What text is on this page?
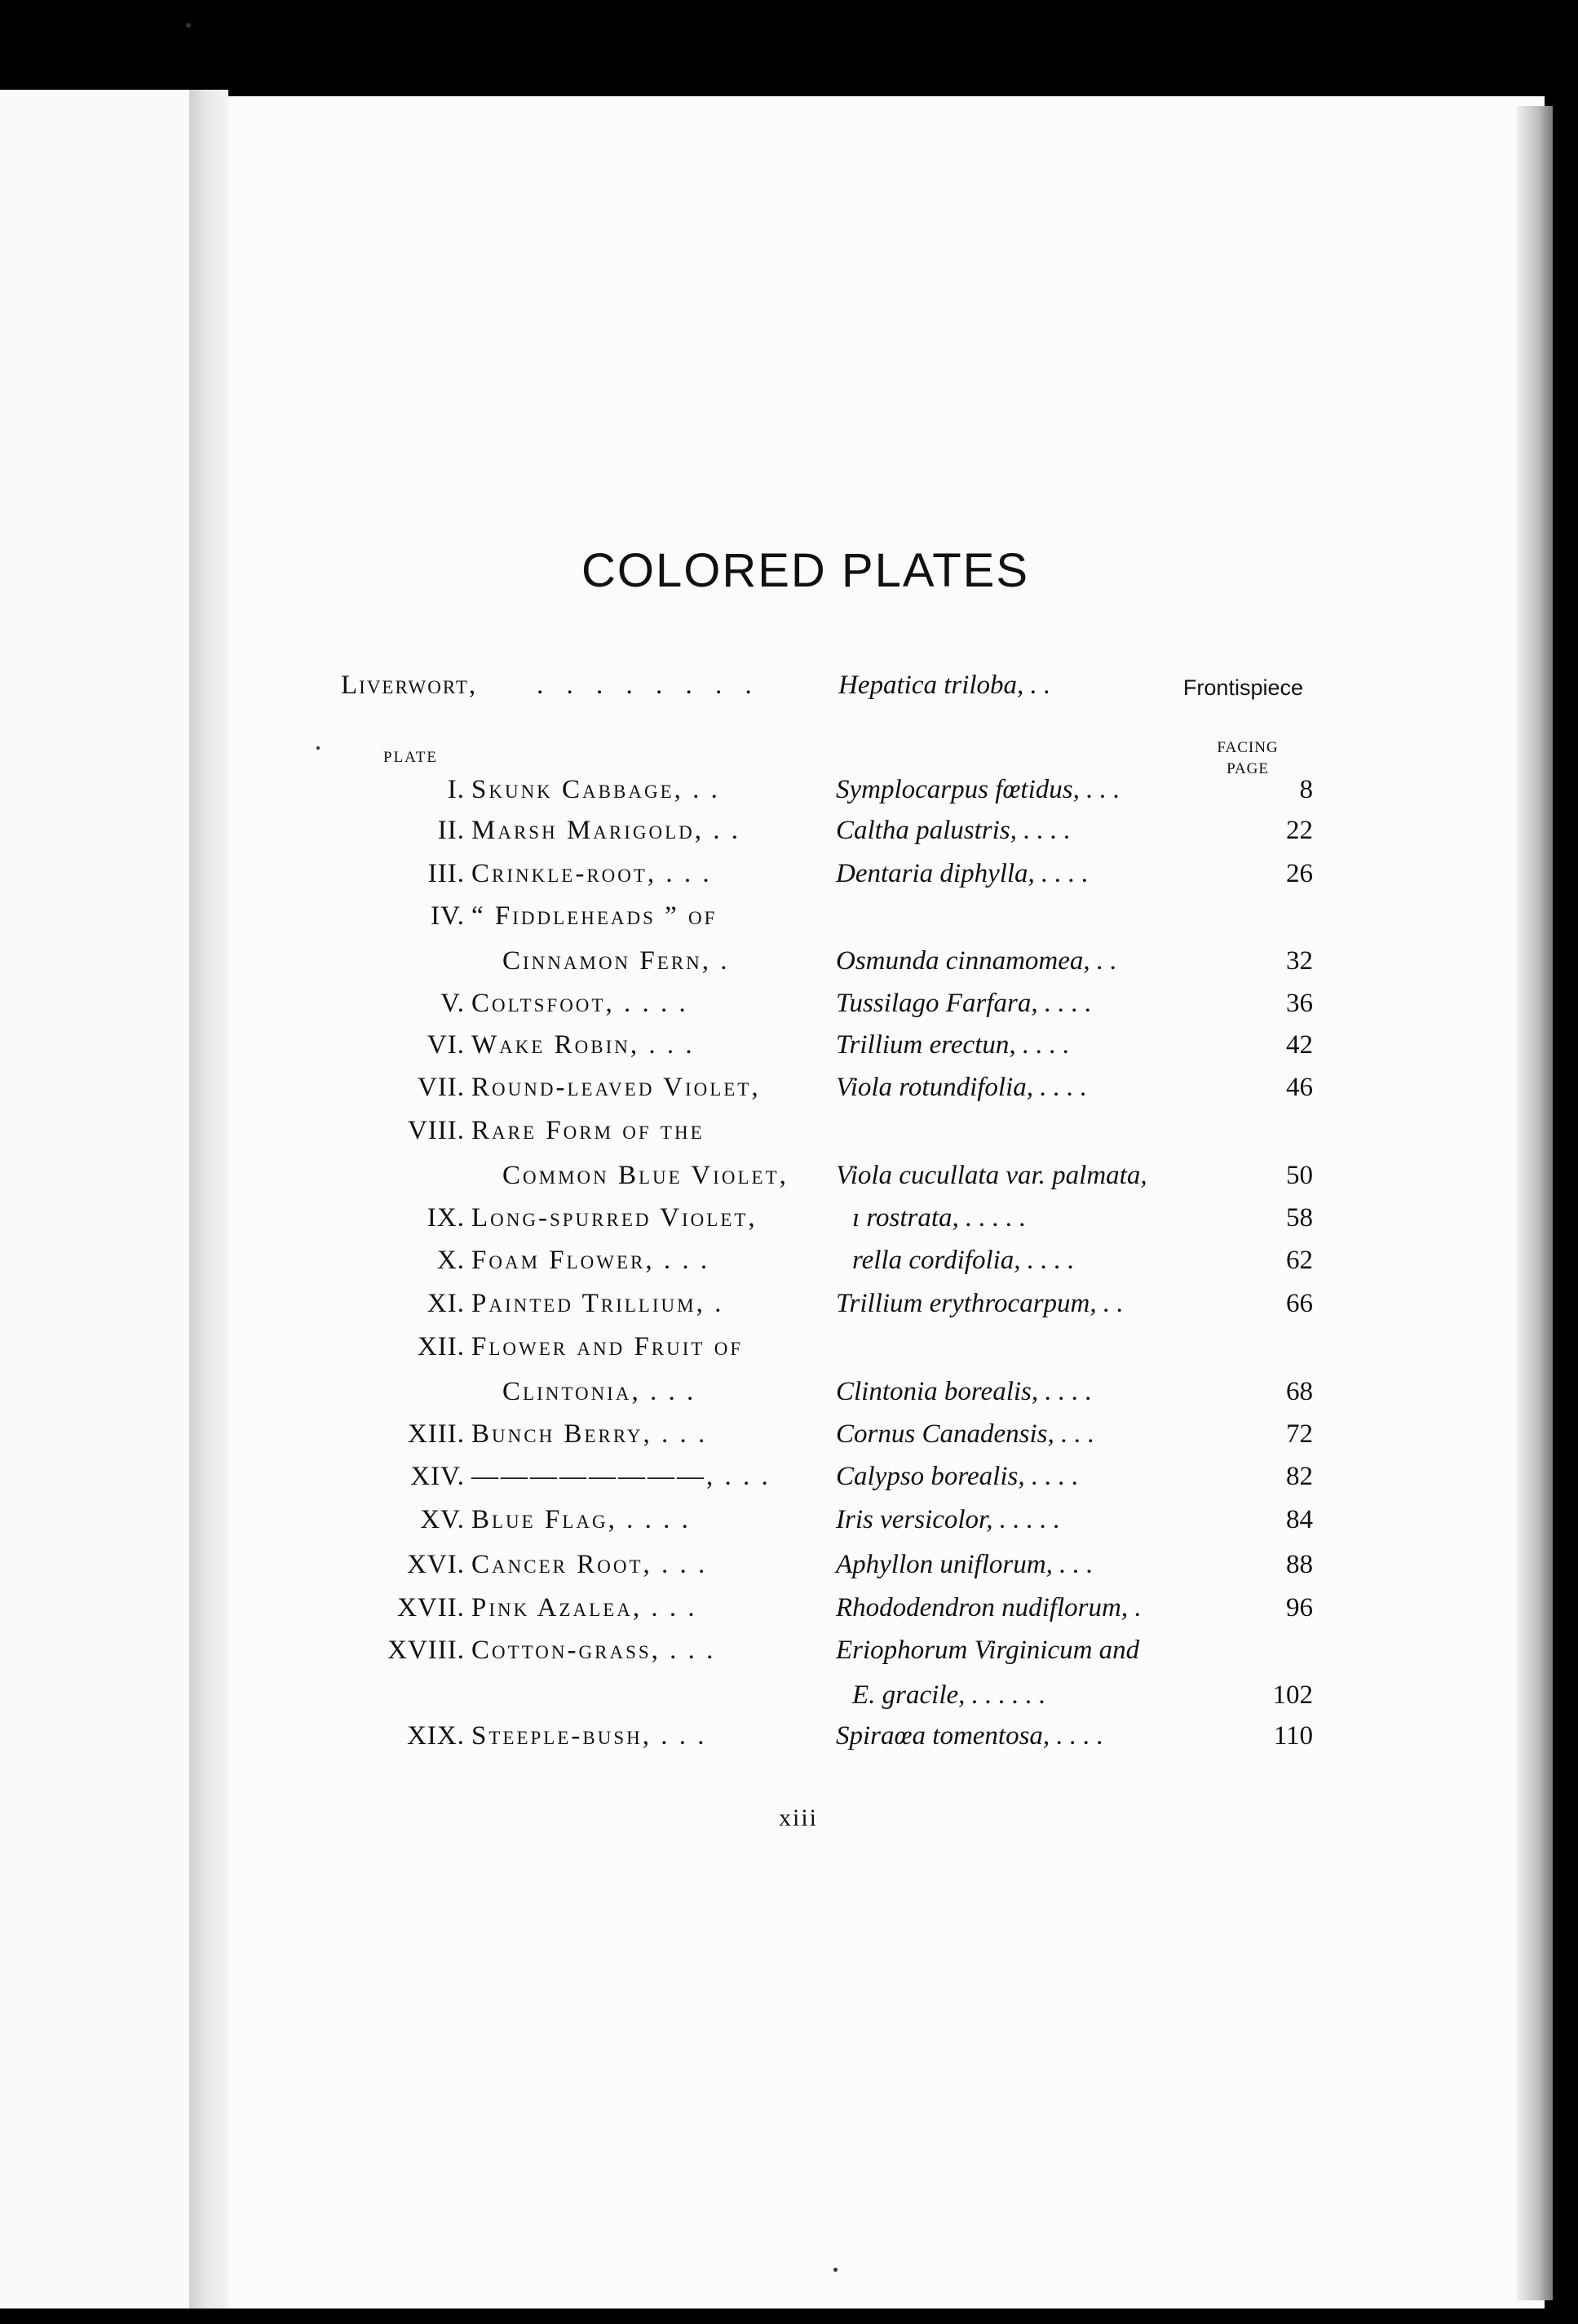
COLORED PLATES
Liverwort, . . . . . . . .	Hepatica triloba, . .	Frontispiece
PLATE
FACING
PAGE
I. Skunk Cabbage, . .	Symplocarpus fœtidus, . . .	8
II. Marsh Marigold, . .	Caltha palustris, . . . .	22
III. Crinkle-root, . . .	Dentaria diphylla, . . . .	26
IV. “ Fiddleheads ” of
Cinnamon Fern, .	Osmunda cinnamomea, . .	32
V. Coltsfoot, . . . .	Tussilago Farfara, . . . .	36
VI. Wake Robin, . . .	Trillium erectun, . . . .	42
VII. Round-leaved Violet,	Viola rotundifolia, . . . .	46
VIII. Rare Form of the
Common Blue Violet, Viola cucullata var. palmata,	50
IX. Long-spurred Violet,	ı rostrata, . . . . .	58
X. Foam Flower, . . .	rella cordifolia, . . . .	62
XI. Painted Trillium, .	Trillium erythrocarpum, . .	66
XII. Flower and Fruit of
Clintonia, . . .	Clintonia borealis, . . . .	68
XIII. Bunch Berry, . . .	Cornus Canadensis, . . .	72
XIV. ————————, . . . Calypso borealis, . . . .	82
XV. Blue Flag, . . . .	Iris versicolor, . . . . .	84
XVI. Cancer Root, . . .	Aphyllon uniflorum, . . .	88
XVII. Pink Azalea, . . .	Rhododendron nudiflorum, .	96
XVIII. Cotton-grass, . . .	Eriophorum Virginicum and
E. gracile, . . . . . .	102
XIX. Steeple-bush, . . .	Spiraœa tomentosa, . . . .	110
xiii
